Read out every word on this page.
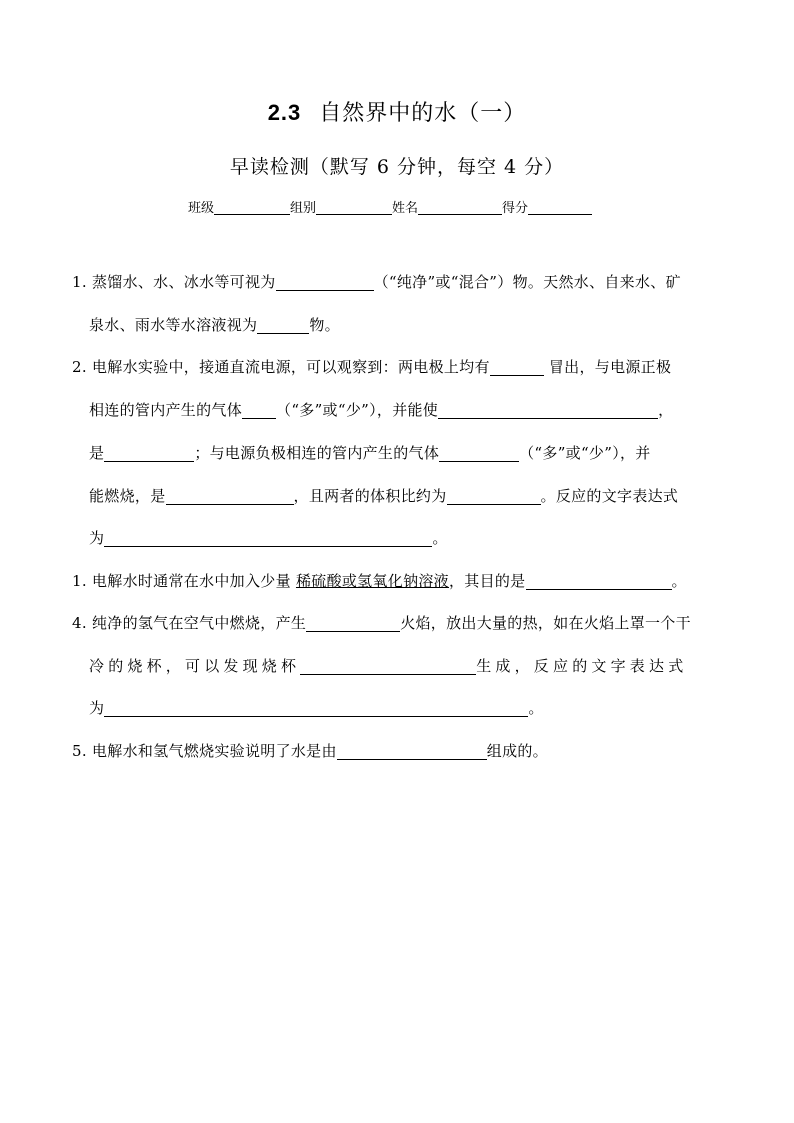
2.3 自然界中的水（一）
早读检测（默写 6 分钟，每空 4 分）
班级	组别	姓名	得分
1. 蒸馏水、水、冰水等可视为	（“纯净”或“混合”）物。天然水、自来水、矿
泉水、雨水等水溶液视为	物。
2. 电解水实验中，接通直流电源，可以观察到：两电极上均有	冒出，与电源正极
相连的管内产生的气体 （“多”或“少”），并能使	，
是	；与电源负极相连的管内产生的气体	（“多”或“少”），并
能燃烧，是	，且两者的体积比约为	。反应的文字表达式
为	。
1. 电解水时通常在水中加入少量 稀硫酸或氢氧化钠溶液，其目的是	。
4. 纯净的氢气在空气中燃烧，产生	火焰，放出大量的热，如在火焰上罩一个干
冷的烧杯，可以发现烧杯	生成，反应的文字表达式
为	。
5. 电解水和氢气燃烧实验说明了水是由	组成的。
